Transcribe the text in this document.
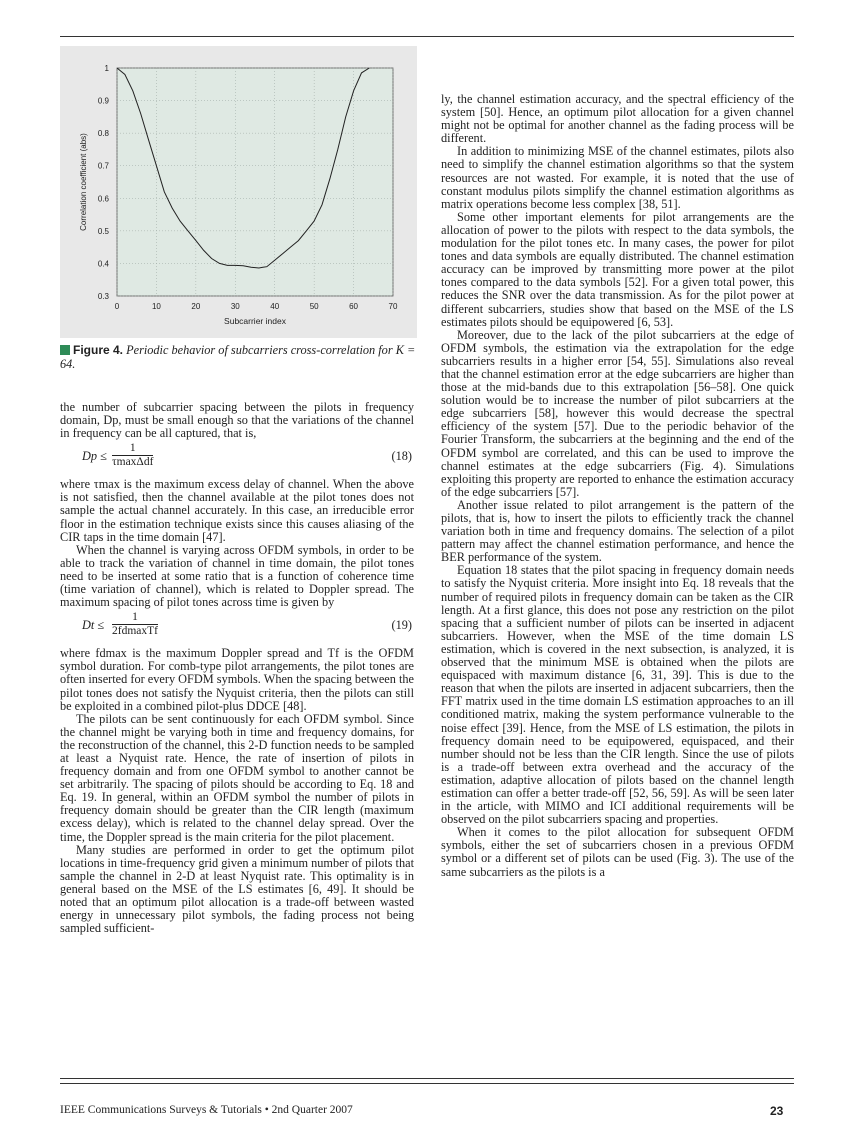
0	10	20	30	40	50	60	70
0.3
0.4
0.5
0.6
0.7
0.8
0.9
1
Subcarrier index
Correlation coefficient (abs)
Figure 4. Periodic behavior of subcarriers cross-correlation for K = 64.

the number of subcarrier spacing between the pilots in frequency domain, Dp, must be small enough so that the variations of the channel in frequency can be all captured, that is,

Dp ≤
1
τmaxΔdf	(18)

where τmax is the maximum excess delay of channel. When the above is not satisfied, then the channel available at the pilot tones does not sample the actual channel accurately. In this case, an irreducible error floor in the estimation technique exists since this causes aliasing of the CIR taps in the time domain [47].

When the channel is varying across OFDM symbols, in order to be able to track the variation of channel in time domain, the pilot tones need to be inserted at some ratio that is a function of coherence time (time variation of channel), which is related to Doppler spread. The maximum spacing of pilot tones across time is given by

Dt ≤
1
2fdmaxTf	(19)

where fdmax is the maximum Doppler spread and Tf is the OFDM symbol duration. For comb-type pilot arrangements, the pilot tones are often inserted for every OFDM symbols. When the spacing between the pilot tones does not satisfy the Nyquist criteria, then the pilots can still be exploited in a combined pilot-plus DDCE [48].

The pilots can be sent continuously for each OFDM symbol. Since the channel might be varying both in time and frequency domains, for the reconstruction of the channel, this 2-D function needs to be sampled at least a Nyquist rate. Hence, the rate of insertion of pilots in frequency domain and from one OFDM symbol to another cannot be set arbitrarily. The spacing of pilots should be according to Eq. 18 and Eq. 19. In general, within an OFDM symbol the number of pilots in frequency domain should be greater than the CIR length (maximum excess delay), which is related to the channel delay spread. Over the time, the Doppler spread is the main criteria for the pilot placement.

Many studies are performed in order to get the optimum pilot locations in time-frequency grid given a minimum number of pilots that sample the channel in 2-D at least Nyquist rate. This optimality is in general based on the MSE of the LS estimates [6, 49]. It should be noted that an optimum pilot allocation is a trade-off between wasted energy in unnecessary pilot symbols, the fading process not being sampled sufficient-

ly, the channel estimation accuracy, and the spectral efficiency of the system [50]. Hence, an optimum pilot allocation for a given channel might not be optimal for another channel as the fading process will be different.

In addition to minimizing MSE of the channel estimates, pilots also need to simplify the channel estimation algorithms so that the system resources are not wasted. For example, it is noted that the use of constant modulus pilots simplify the channel estimation algorithms as matrix operations become less complex [38, 51].

Some other important elements for pilot arrangements are the allocation of power to the pilots with respect to the data symbols, the modulation for the pilot tones etc. In many cases, the power for pilot tones and data symbols are equally distributed. The channel estimation accuracy can be improved by transmitting more power at the pilot tones compared to the data symbols [52]. For a given total power, this reduces the SNR over the data transmission. As for the pilot power at different subcarriers, studies show that based on the MSE of the LS estimates pilots should be equipowered [6, 53].

Moreover, due to the lack of the pilot subcarriers at the edge of OFDM symbols, the estimation via the extrapolation for the edge subcarriers results in a higher error [54, 55]. Simulations also reveal that the channel estimation error at the edge subcarriers are higher than those at the mid-bands due to this extrapolation [56–58]. One quick solution would be to increase the number of pilot subcarriers at the edge subcarriers [58], however this would decrease the spectral efficiency of the system [57]. Due to the periodic behavior of the Fourier Transform, the subcarriers at the beginning and the end of the OFDM symbol are correlated, and this can be used to improve the channel estimates at the edge subcarriers (Fig. 4). Simulations exploiting this property are reported to enhance the estimation accuracy of the edge subcarriers [57].

Another issue related to pilot arrangement is the pattern of the pilots, that is, how to insert the pilots to efficiently track the channel variation both in time and frequency domains. The selection of a pilot pattern may affect the channel estimation performance, and hence the BER performance of the system.

Equation 18 states that the pilot spacing in frequency domain needs to satisfy the Nyquist criteria. More insight into Eq. 18 reveals that the number of required pilots in frequency domain can be taken as the CIR length. At a first glance, this does not pose any restriction on the pilot spacing that a sufficient number of pilots can be inserted in adjacent subcarriers. However, when the MSE of the time domain LS estimation, which is covered in the next subsection, is analyzed, it is observed that the minimum MSE is obtained when the pilots are equispaced with maximum distance [6, 31, 39]. This is due to the reason that when the pilots are inserted in adjacent subcarriers, then the FFT matrix used in the time domain LS estimation approaches to an ill conditioned matrix, making the system performance vulnerable to the noise effect [39]. Hence, from the MSE of LS estimation, the pilots in frequency domain need to be equipowered, equispaced, and their number should not be less than the CIR length. Since the use of pilots is a trade-off between extra overhead and the accuracy of the estimation, adaptive allocation of pilots based on the channel length estimation can offer a better trade-off [52, 56, 59]. As will be seen later in the article, with MIMO and ICI additional requirements will be observed on the pilot subcarriers spacing and properties.

When it comes to the pilot allocation for subsequent OFDM symbols, either the set of subcarriers chosen in a previous OFDM symbol or a different set of pilots can be used (Fig. 3). The use of the same subcarriers as the pilots is a

IEEE Communications Surveys & Tutorials • 2nd Quarter 2007	23
